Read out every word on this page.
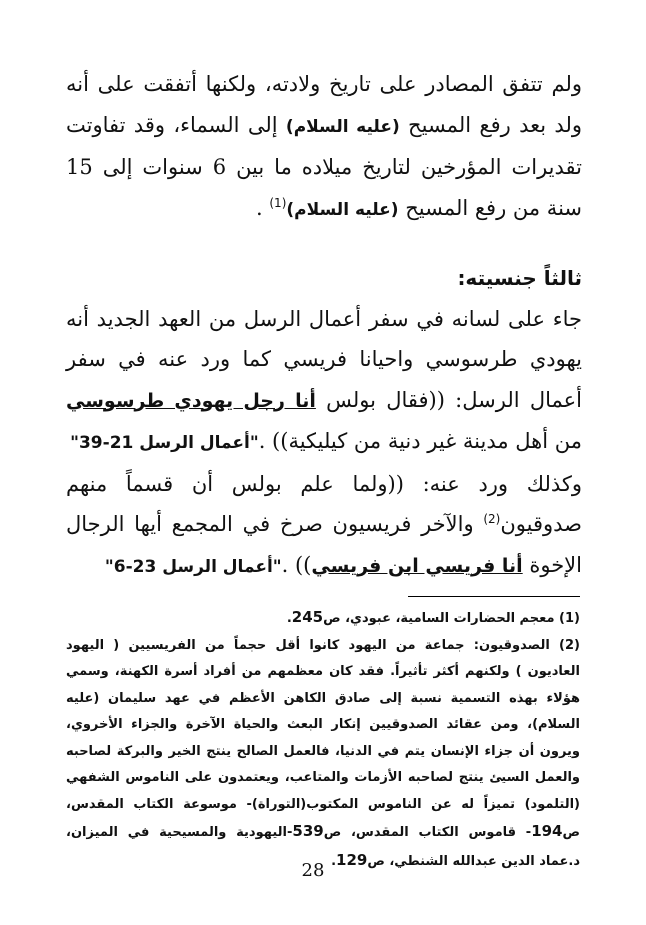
ولم تتفق المصادر على تاريخ ولادته، ولكنها أتفقت على أنه ولد بعد رفع المسيح (عليه السلام) إلى السماء، وقد تفاوتت تقديرات المؤرخين لتاريخ ميلاده ما بين 6 سنوات إلى 15 سنة من رفع المسيح (عليه السلام)$^{(1)}$ .

ثالثاً جنسيته:

جاء على لسانه في سفر أعمال الرسل من العهد الجديد أنه يهودي طرسوسي واحيانا فريسي كما ورد عنه في سفر أعمال الرسل: ((فقال بولس أنا رجل يهودي طرسوسي من أهل مدينة غير دنية من كيليكية)) ."أعمال الرسل 21-39"

وكذلك ورد عنه: ((ولما علم بولس أن قسماً منهم صدوقيون$^{(2)}$ والآخر فريسيون صرخ في المجمع أيها الرجال الإخوة أنا فريسي ابن فريسي)) ."أعمال الرسل 23-6"

(1) معجم الحضارات السامية، عبودي، ص245.

(2) الصدوقيون: جماعة من اليهود كانوا أقل حجماً من الفريسيين ( اليهود العاديون ) ولكنهم أكثر تأثيراً. فقد كان معظمهم من أفراد أسرة الكهنة، وسمي هؤلاء بهذه التسمية نسبة إلى صادق الكاهن الأعظم في عهد سليمان (عليه السلام)، ومن عقائد الصدوقيين إنكار البعث والحياة الآخرة والجزاء الأخروي، ويرون أن جزاء الإنسان يتم في الدنيا، فالعمل الصالح ينتج الخير والبركة لصاحبه والعمل السيئ ينتج لصاحبه الأزمات والمتاعب، ويعتمدون على الناموس الشفهي (التلمود) تميزاً له عن الناموس المكتوب(التوراة)- موسوعة الكتاب المقدس، ص194- قاموس الكتاب المقدس، ص539-اليهودية والمسيحية في الميزان، د.عماد الدين عبدالله الشنطي، ص129.

28
